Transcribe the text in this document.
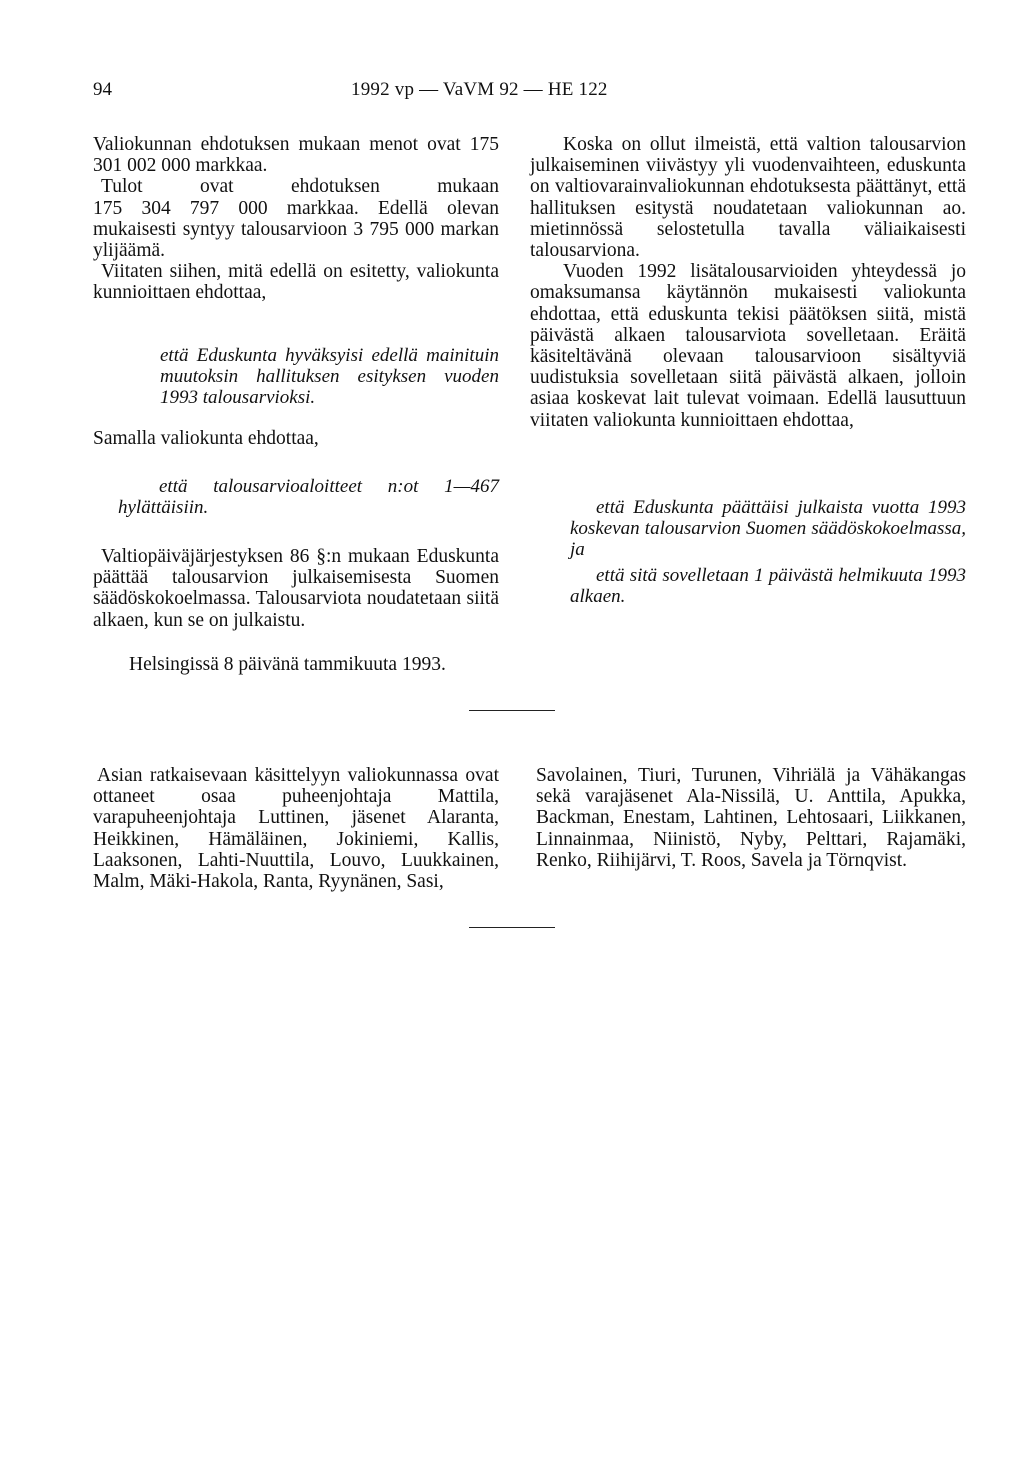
94	1992 vp — VaVM 92 — HE 122

Valiokunnan ehdotuksen mukaan menot ovat 175 301 002 000 markkaa.

Tulot ovat ehdotuksen mukaan

175 304 797 000 markkaa. Edellä olevan mukaisesti syntyy talousarvioon 3 795 000 markan ylijäämä.

Viitaten siihen, mitä edellä on esitetty, valiokunta kunnioittaen ehdottaa,

että Eduskunta hyväksyisi edellä mainituin muutoksin hallituksen esityksen vuoden 1993 talousarvioksi.
Samalla valiokunta ehdottaa,
että talousarvioaloitteet n:ot 1—467 hylättäisiin.
Valtiopäiväjärjestyksen 86 §:n mukaan Eduskunta päättää talousarvion julkaisemisesta Suomen säädöskokoelmassa. Talousarviota noudatetaan siitä alkaen, kun se on julkaistu.

Koska on ollut ilmeistä, että valtion talousarvion julkaiseminen viivästyy yli vuodenvaihteen, eduskunta on valtiovarainvaliokunnan ehdotuksesta päättänyt, että hallituksen esitystä noudatetaan valiokunnan ao. mietinnössä selostetulla tavalla väliaikaisesti talousarviona.

Vuoden 1992 lisätalousarvioiden yhteydessä jo omaksumansa käytännön mukaisesti valiokunta ehdottaa, että eduskunta tekisi päätöksen siitä, mistä päivästä alkaen talousarviota sovelletaan. Eräitä käsiteltävänä olevaan talousarvioon sisältyviä uudistuksia sovelletaan siitä päivästä alkaen, jolloin asiaa koskevat lait tulevat voimaan. Edellä lausuttuun viitaten valiokunta kunnioittaen ehdottaa,

että Eduskunta päättäisi julkaista vuotta 1993 koskevan talousarvion Suomen säädöskokoelmassa, ja
että sitä sovelletaan 1 päivästä helmikuuta 1993 alkaen.
Helsingissä 8 päivänä tammikuuta 1993.
Asian ratkaisevaan käsittelyyn valiokunnassa ovat ottaneet osaa puheenjohtaja Mattila, varapuheenjohtaja Luttinen, jäsenet Alaranta, Heikkinen, Hämäläinen, Jokiniemi, Kallis, Laaksonen, Lahti-Nuuttila, Louvo, Luukkainen, Malm, Mäki-Hakola, Ranta, Ryynänen, Sasi,
Savolainen, Tiuri, Turunen, Vihriälä ja Vähäkangas sekä varajäsenet Ala-Nissilä, U. Anttila, Apukka, Backman, Enestam, Lahtinen, Lehtosaari, Liikkanen, Linnainmaa, Niinistö, Nyby, Pelttari, Rajamäki, Renko, Riihijärvi, T. Roos, Savela ja Törnqvist.
